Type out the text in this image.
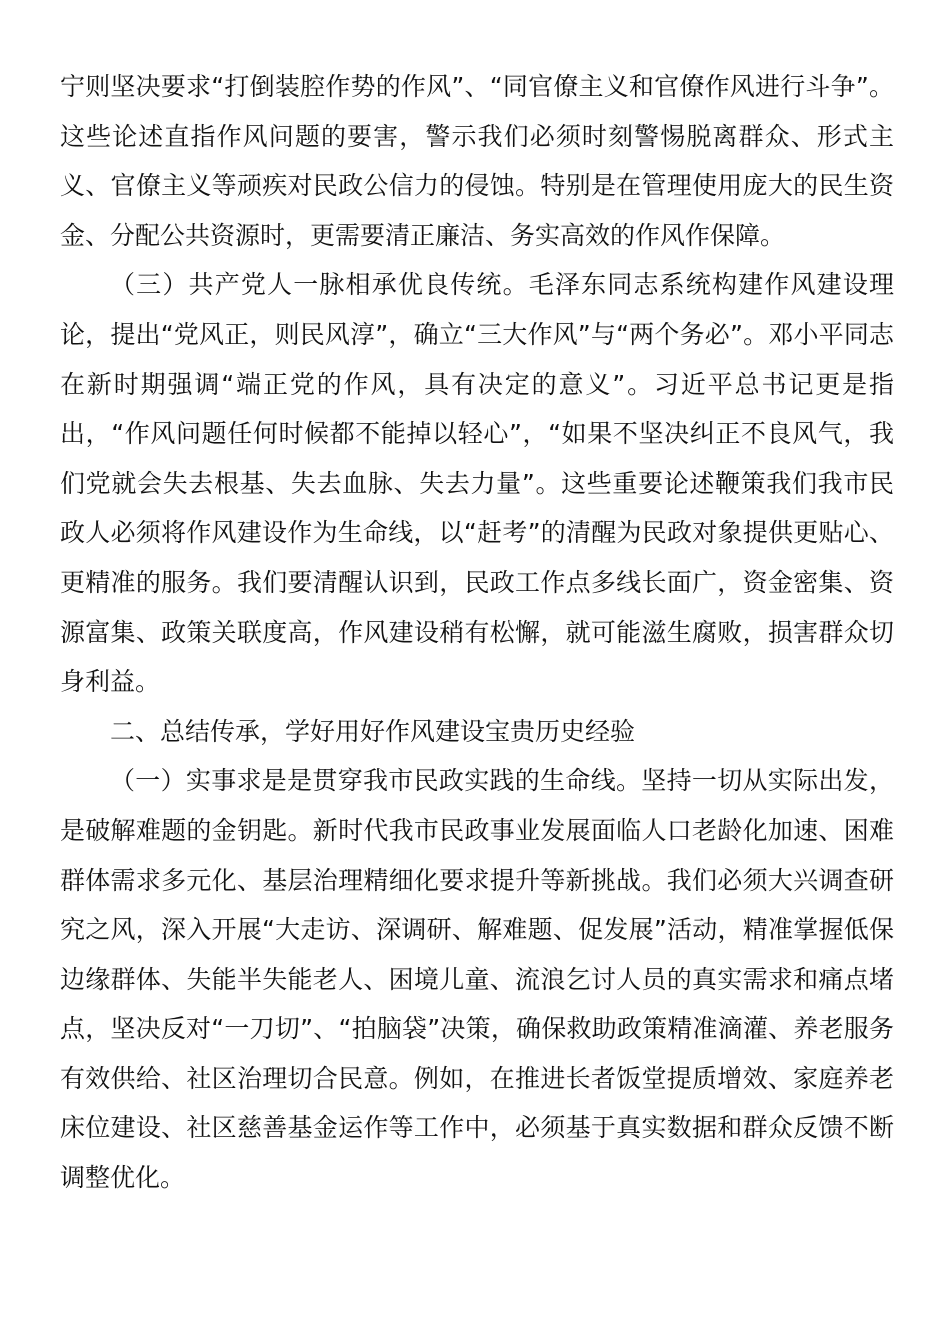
宁则坚决要求“打倒装腔作势的作风”、“同官僚主义和官僚作风进行斗争”。这些论述直指作风问题的要害，警示我们必须时刻警惕脱离群众、形式主义、官僚主义等顽疾对民政公信力的侵蚀。特别是在管理使用庞大的民生资金、分配公共资源时，更需要清正廉洁、务实高效的作风作保障。

（三）共产党人一脉相承优良传统。毛泽东同志系统构建作风建设理论，提出“党风正，则民风淳”，确立“三大作风”与“两个务必”。邓小平同志在新时期强调“端正党的作风，具有决定的意义”。习近平总书记更是指出，“作风问题任何时候都不能掉以轻心”，“如果不坚决纠正不良风气，我们党就会失去根基、失去血脉、失去力量”。这些重要论述鞭策我们我市民政人必须将作风建设作为生命线，以“赶考”的清醒为民政对象提供更贴心、更精准的服务。我们要清醒认识到，民政工作点多线长面广，资金密集、资源富集、政策关联度高，作风建设稍有松懈，就可能滋生腐败，损害群众切身利益。

二、总结传承，学好用好作风建设宝贵历史经验

（一）实事求是是贯穿我市民政实践的生命线。坚持一切从实际出发，是破解难题的金钥匙。新时代我市民政事业发展面临人口老龄化加速、困难群体需求多元化、基层治理精细化要求提升等新挑战。我们必须大兴调查研究之风，深入开展“大走访、深调研、解难题、促发展”活动，精准掌握低保边缘群体、失能半失能老人、困境儿童、流浪乞讨人员的真实需求和痛点堵点，坚决反对“一刀切”、“拍脑袋”决策，确保救助政策精准滴灌、养老服务有效供给、社区治理切合民意。例如，在推进长者饭堂提质增效、家庭养老床位建设、社区慈善基金运作等工作中，必须基于真实数据和群众反馈不断调整优化。
